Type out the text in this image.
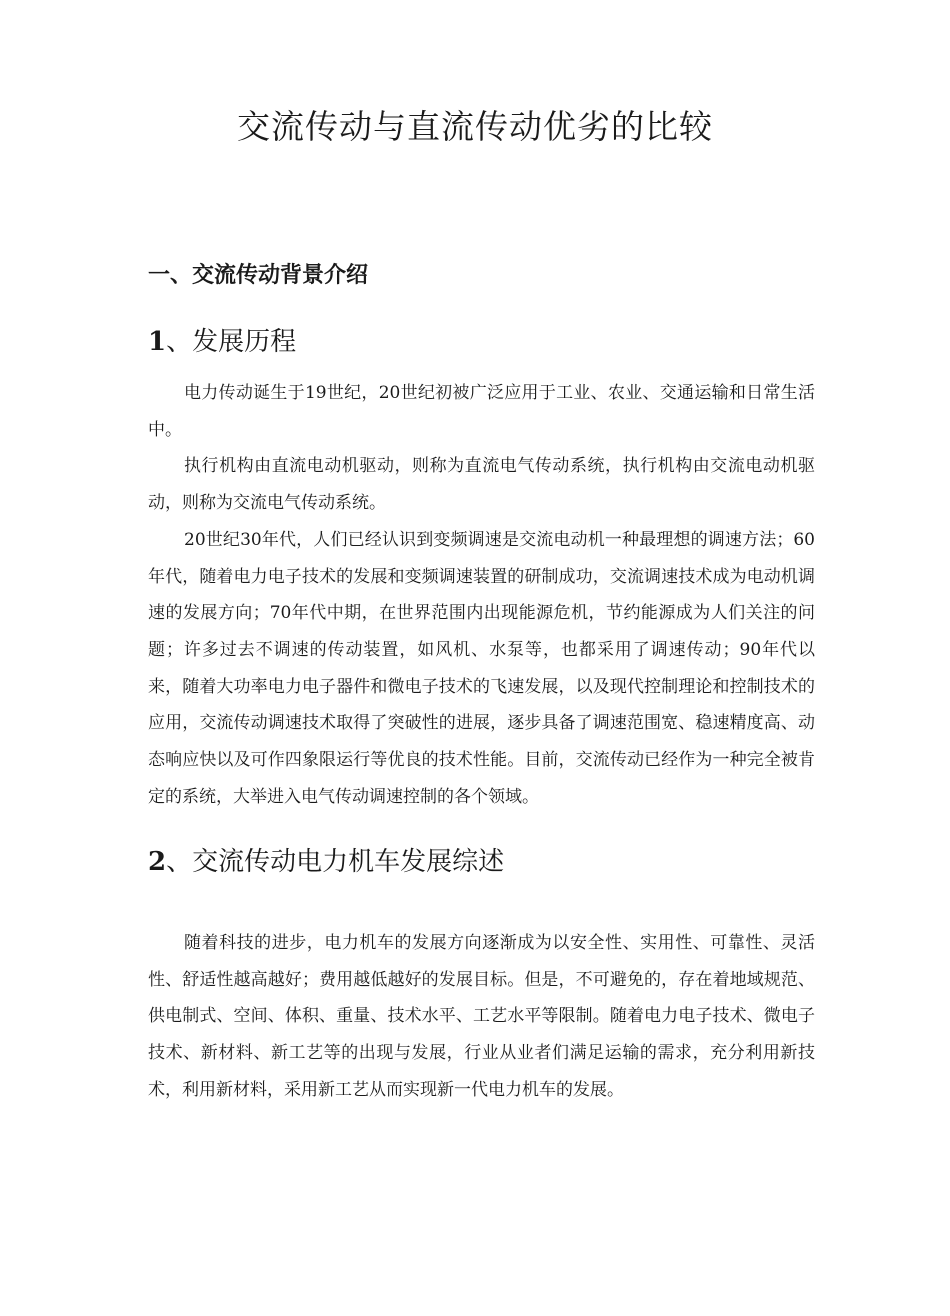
交流传动与直流传动优劣的比较
一、交流传动背景介绍
1、发展历程

电力传动诞生于19世纪，20世纪初被广泛应用于工业、农业、交通运输和日常生活中。

执行机构由直流电动机驱动，则称为直流电气传动系统，执行机构由交流电动机驱动，则称为交流电气传动系统。

20世纪30年代，人们已经认识到变频调速是交流电动机一种最理想的调速方法；60年代，随着电力电子技术的发展和变频调速装置的研制成功，交流调速技术成为电动机调速的发展方向；70年代中期，在世界范围内出现能源危机，节约能源成为人们关注的问题；许多过去不调速的传动装置，如风机、水泵等，也都采用了调速传动；90年代以来，随着大功率电力电子器件和微电子技术的飞速发展，以及现代控制理论和控制技术的应用，交流传动调速技术取得了突破性的进展，逐步具备了调速范围宽、稳速精度高、动态响应快以及可作四象限运行等优良的技术性能。目前，交流传动已经作为一种完全被肯定的系统，大举进入电气传动调速控制的各个领域。

2、交流传动电力机车发展综述

随着科技的进步，电力机车的发展方向逐渐成为以安全性、实用性、可靠性、灵活性、舒适性越高越好；费用越低越好的发展目标。但是，不可避免的，存在着地域规范、供电制式、空间、体积、重量、技术水平、工艺水平等限制。随着电力电子技术、微电子技术、新材料、新工艺等的出现与发展，行业从业者们满足运输的需求，充分利用新技术，利用新材料，采用新工艺从而实现新一代电力机车的发展。
